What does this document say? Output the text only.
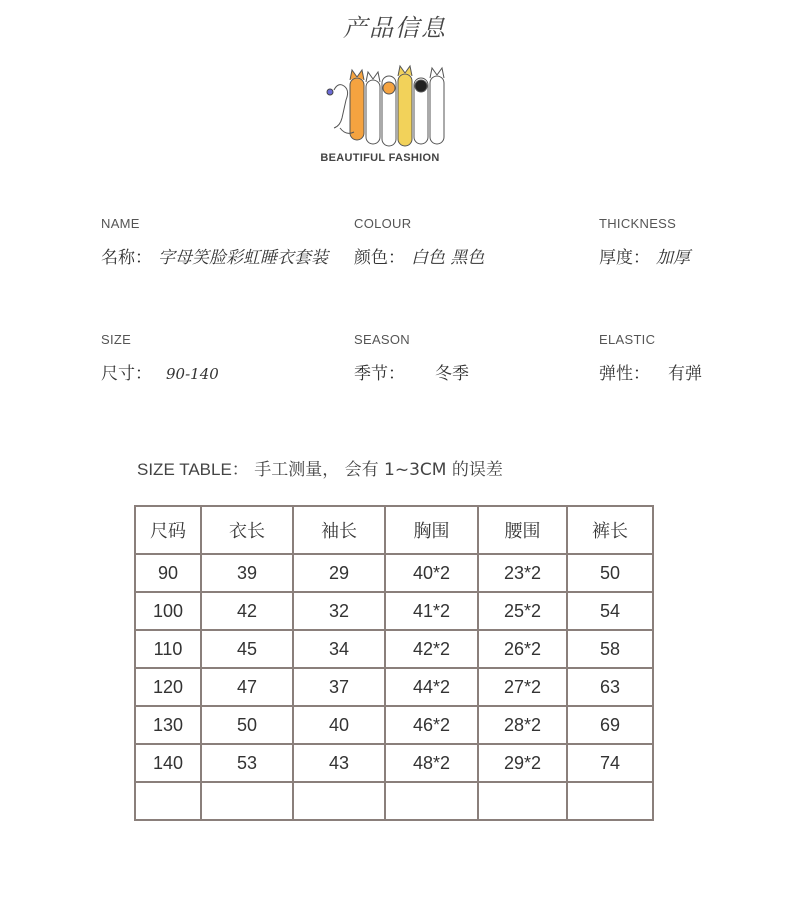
产品信息
BEAUTIFUL FASHION
NAME
名称： 字母笑脸彩虹睡衣套装
COLOUR
颜色： 白色 黑色
THICKNESS
厚度： 加厚
SIZE
尺寸： 90-140
SEASON
季节： 冬季
ELASTIC
弹性： 有弹
SIZE TABLE： 手工测量， 会有 1~3CM 的误差
尺码	衣长	袖长	胸围	腰围	裤长
90	39	29	40*2	23*2	50
100	42	32	41*2	25*2	54
110	45	34	42*2	26*2	58
120	47	37	44*2	27*2	63
130	50	40	46*2	28*2	69
140	53	43	48*2	29*2	74
